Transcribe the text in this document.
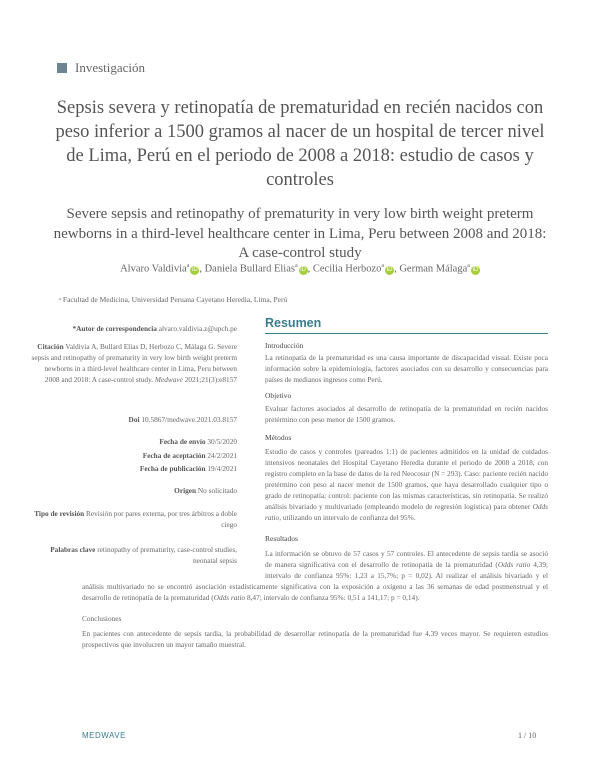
Investigación
Sepsis severa y retinopatía de prematuridad en recién nacidos con peso inferior a 1500 gramos al nacer de un hospital de tercer nivel de Lima, Perú en el periodo de 2008 a 2018: estudio de casos y controles
Severe sepsis and retinopathy of prematurity in very low birth weight preterm newborns in a third-level healthcare center in Lima, Peru between 2008 and 2018: A case-control study
Alvaro Valdivia$^a$iD , Daniela Bullard Elias$^a$iD , Cecilia Herbozo$^a$iD , German Málaga$^a$iD
ᵃ Facultad de Medicina, Universidad Peruana Cayetano Heredia, Lima, Perú
*Autor de correspondencia alvaro.valdivia.z@upch.pe
Citación Valdivia A, Bullard Elias D, Herbozo C, Málaga G. Severe sepsis and retinopathy of prematurity in very low birth weight preterm newborns in a third-level healthcare center in Lima, Peru between 2008 and 2018: A case-control study. Medwave 2021;21(3):e8157
Doi 10.5867/medwave.2021.03.8157
Fecha de envío 30/5/2020
Fecha de aceptación 24/2/2021
Fecha de publicación 19/4/2021
Origen No solicitado
Tipo de revisión Revisión por pares externa, por tres árbitros a doble ciego
Palabras clave retinopathy of prematurity, case-control studies, neonatal sepsis
Resumen
Introducción
La retinopatía de la prematuridad es una causa importante de discapacidad visual. Existe poca información sobre la epidemiología, factores asociados con su desarrollo y consecuencias para países de medianos ingresos como Perú.
Objetivo
Evaluar factores asociados al desarrollo de retinopatía de la prematuridad en recién nacidos pretérmino con peso menor de 1500 gramos.
Métodos
Estudio de casos y controles (pareados 1:1) de pacientes admitidos en la unidad de cuidados intensivos neonatales del Hospital Cayetano Heredia durante el periodo de 2008 a 2018, con registro completo en la base de datos de la red Neocosur (N = 293). Caso: paciente recién nacido pretérmino con peso al nacer menor de 1500 gramos, que haya desarrollado cualquier tipo o grado de retinopatía; control: paciente con las mismas características, sin retinopatía. Se realizó análisis bivariado y multivariado (empleando modelo de regresión logística) para obtener Odds ratio, utilizando un intervalo de confianza del 95%.
Resultados
La información se obtuvo de 57 casos y 57 controles. El antecedente de sepsis tardía se asoció de manera significativa con el desarrollo de retinopatía de la prematuridad (Odds ratio 4,39; intervalo de confianza 95%: 1,23 a 15,7%; p = 0,02). Al realizar el análisis bivariado y el análisis multivariado no se encontró asociación estadísticamente significativa con la exposición a oxígeno a las 36 semanas de edad postmenstrual y el desarrollo de retinopatía de la prematuridad (Odds ratio 8,47; intervalo de confianza 95%: 0,51 a 141,17; p = 0,14).
Conclusiones
En pacientes con antecedente de sepsis tardía, la probabilidad de desarrollar retinopatía de la prematuridad fue 4,39 veces mayor. Se requieren estudios prospectivos que involucren un mayor tamaño muestral.
MEDWAVE	1 / 10
